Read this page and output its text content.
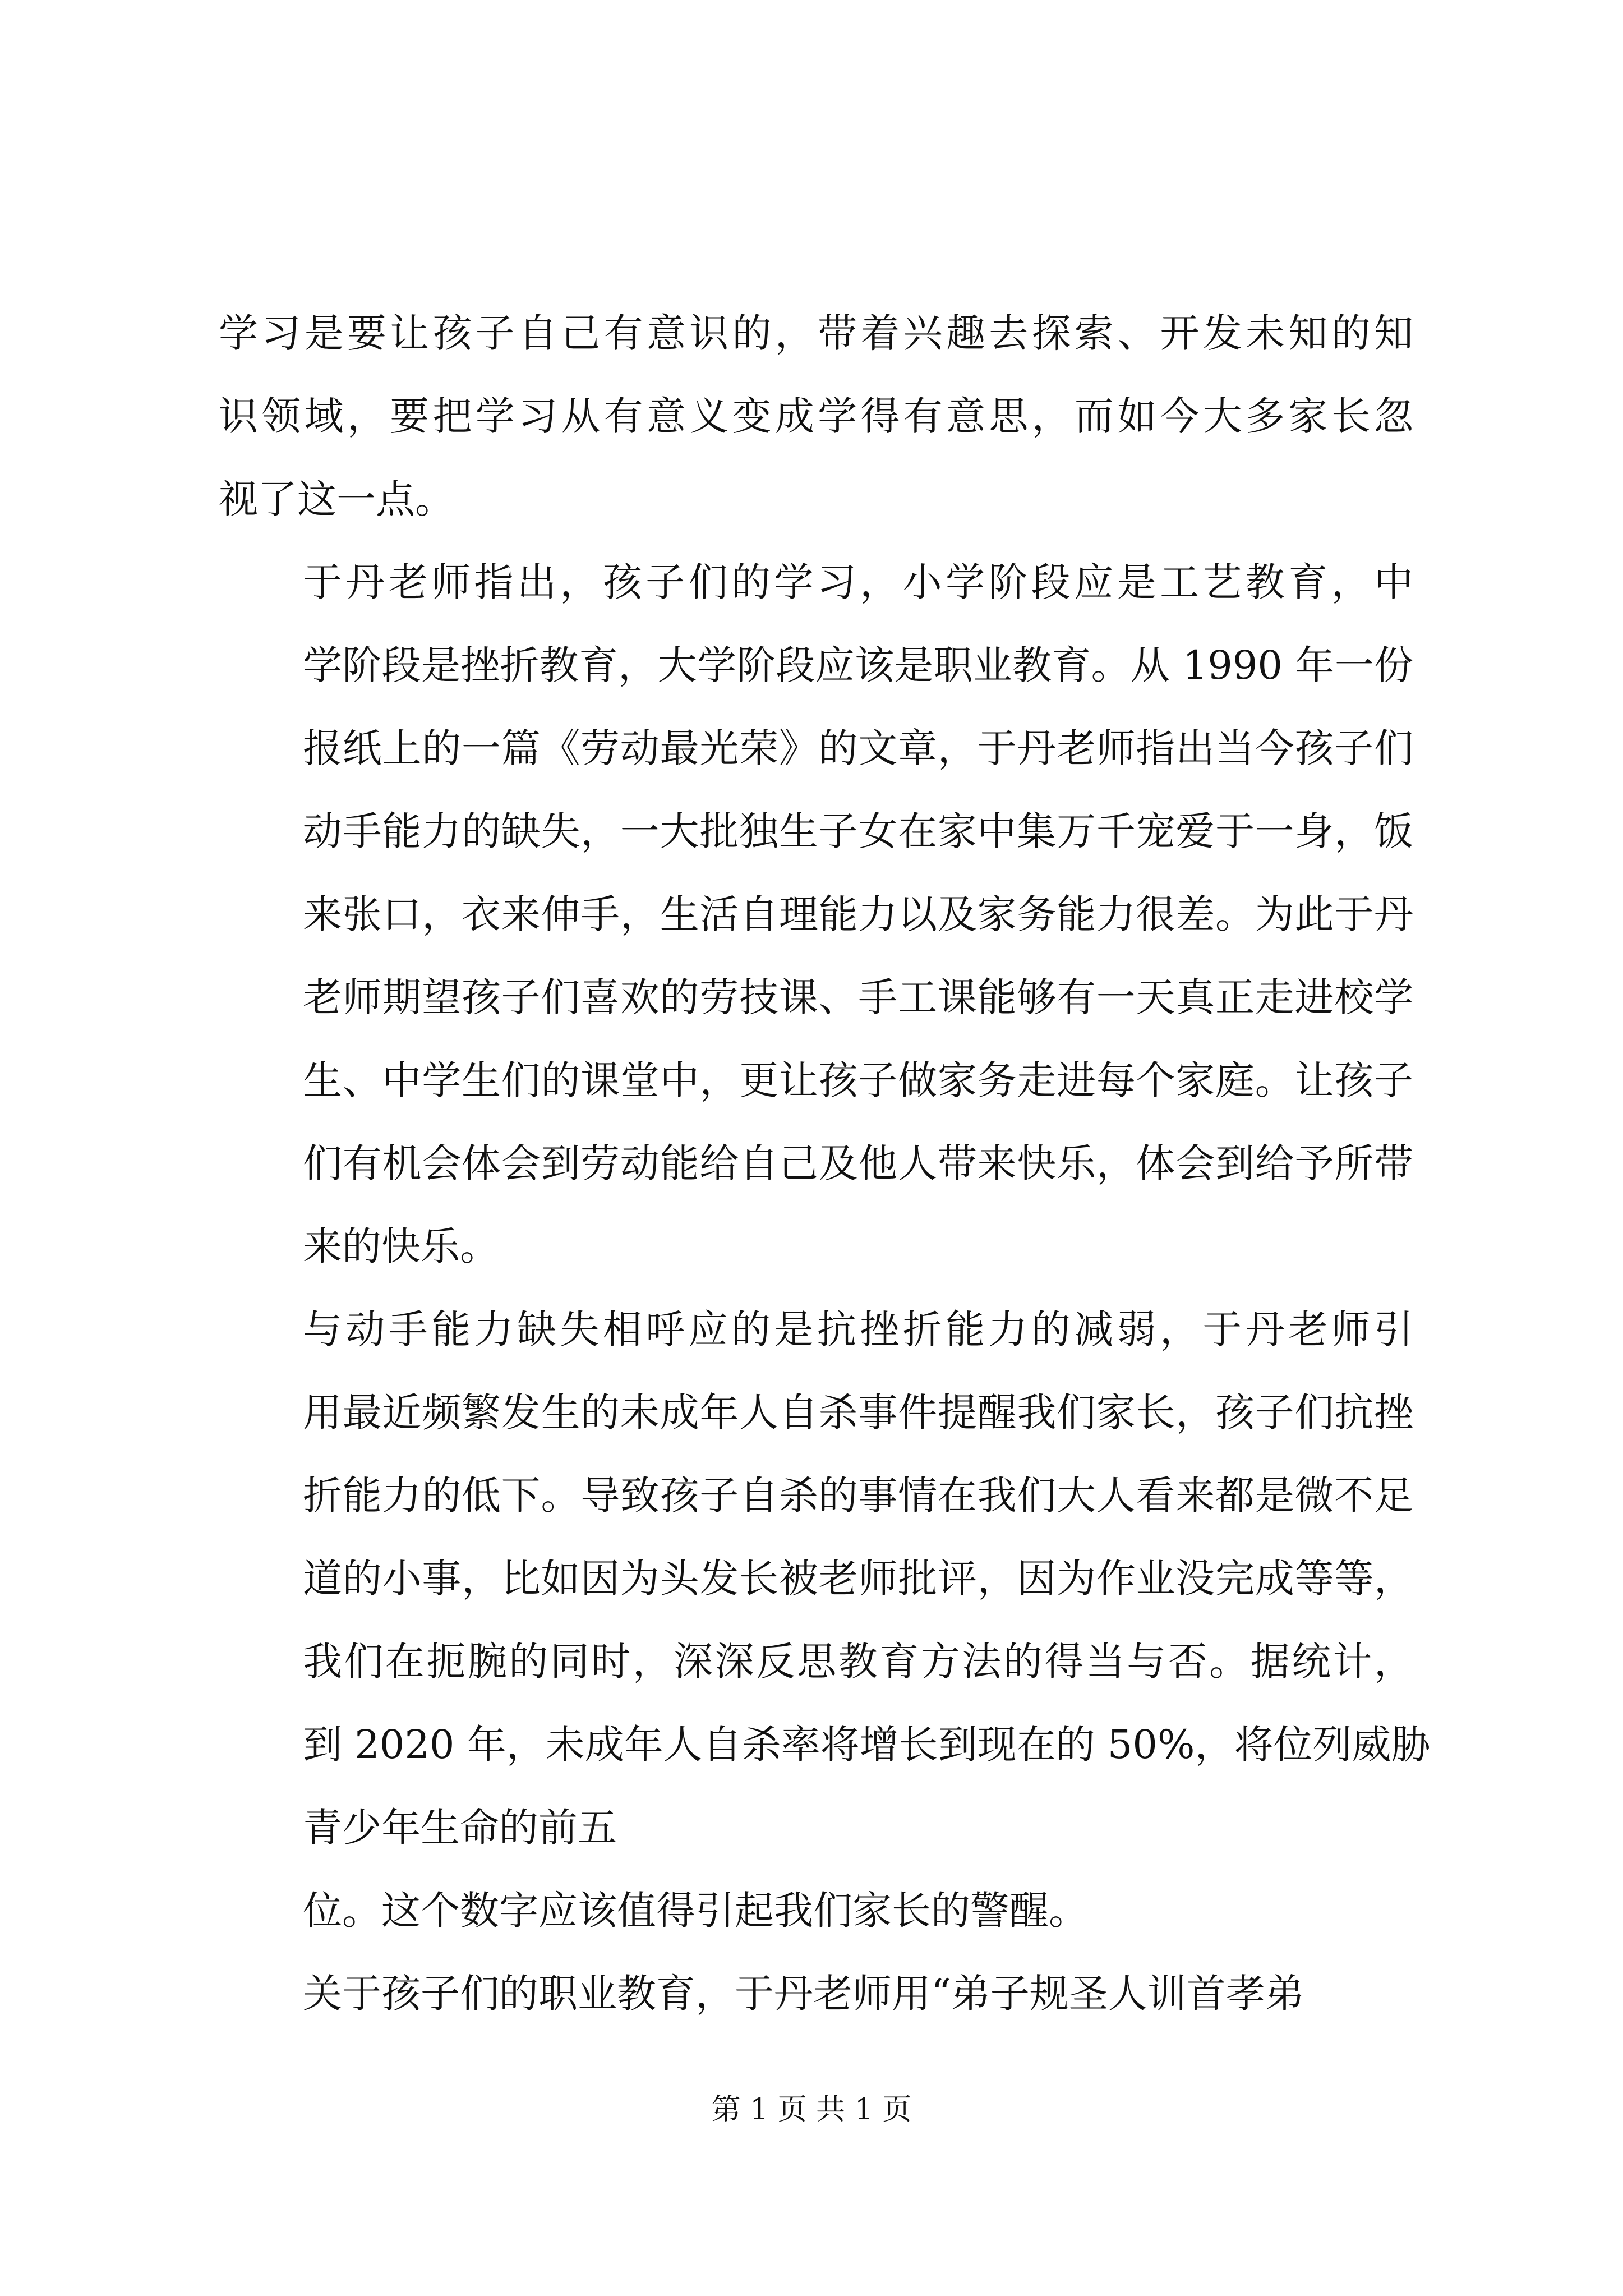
学习是要让孩子自己有意识的，带着兴趣去探索、开发未知的知
识领域，要把学习从有意义变成学得有意思，而如今大多家长忽
视了这一点。
于丹老师指出，孩子们的学习，小学阶段应是工艺教育，中
学阶段是挫折教育，大学阶段应该是职业教育。从 1990 年一份
报纸上的一篇《劳动最光荣》的文章，于丹老师指出当今孩子们
动手能力的缺失，一大批独生子女在家中集万千宠爱于一身，饭
来张口，衣来伸手，生活自理能力以及家务能力很差。为此于丹
老师期望孩子们喜欢的劳技课、手工课能够有一天真正走进校学
生、中学生们的课堂中，更让孩子做家务走进每个家庭。让孩子
们有机会体会到劳动能给自己及他人带来快乐，体会到给予所带
来的快乐。
与动手能力缺失相呼应的是抗挫折能力的减弱，于丹老师引
用最近频繁发生的未成年人自杀事件提醒我们家长，孩子们抗挫
折能力的低下。导致孩子自杀的事情在我们大人看来都是微不足
道的小事，比如因为头发长被老师批评，因为作业没完成等等，
我们在扼腕的同时，深深反思教育方法的得当与否。据统计，
到 2020 年，未成年人自杀率将增长到现在的 50%，将位列威胁
青少年生命的前五
位。这个数字应该值得引起我们家长的警醒。
关于孩子们的职业教育，于丹老师用“弟子规圣人训首孝弟
第 1 页 共 1 页
